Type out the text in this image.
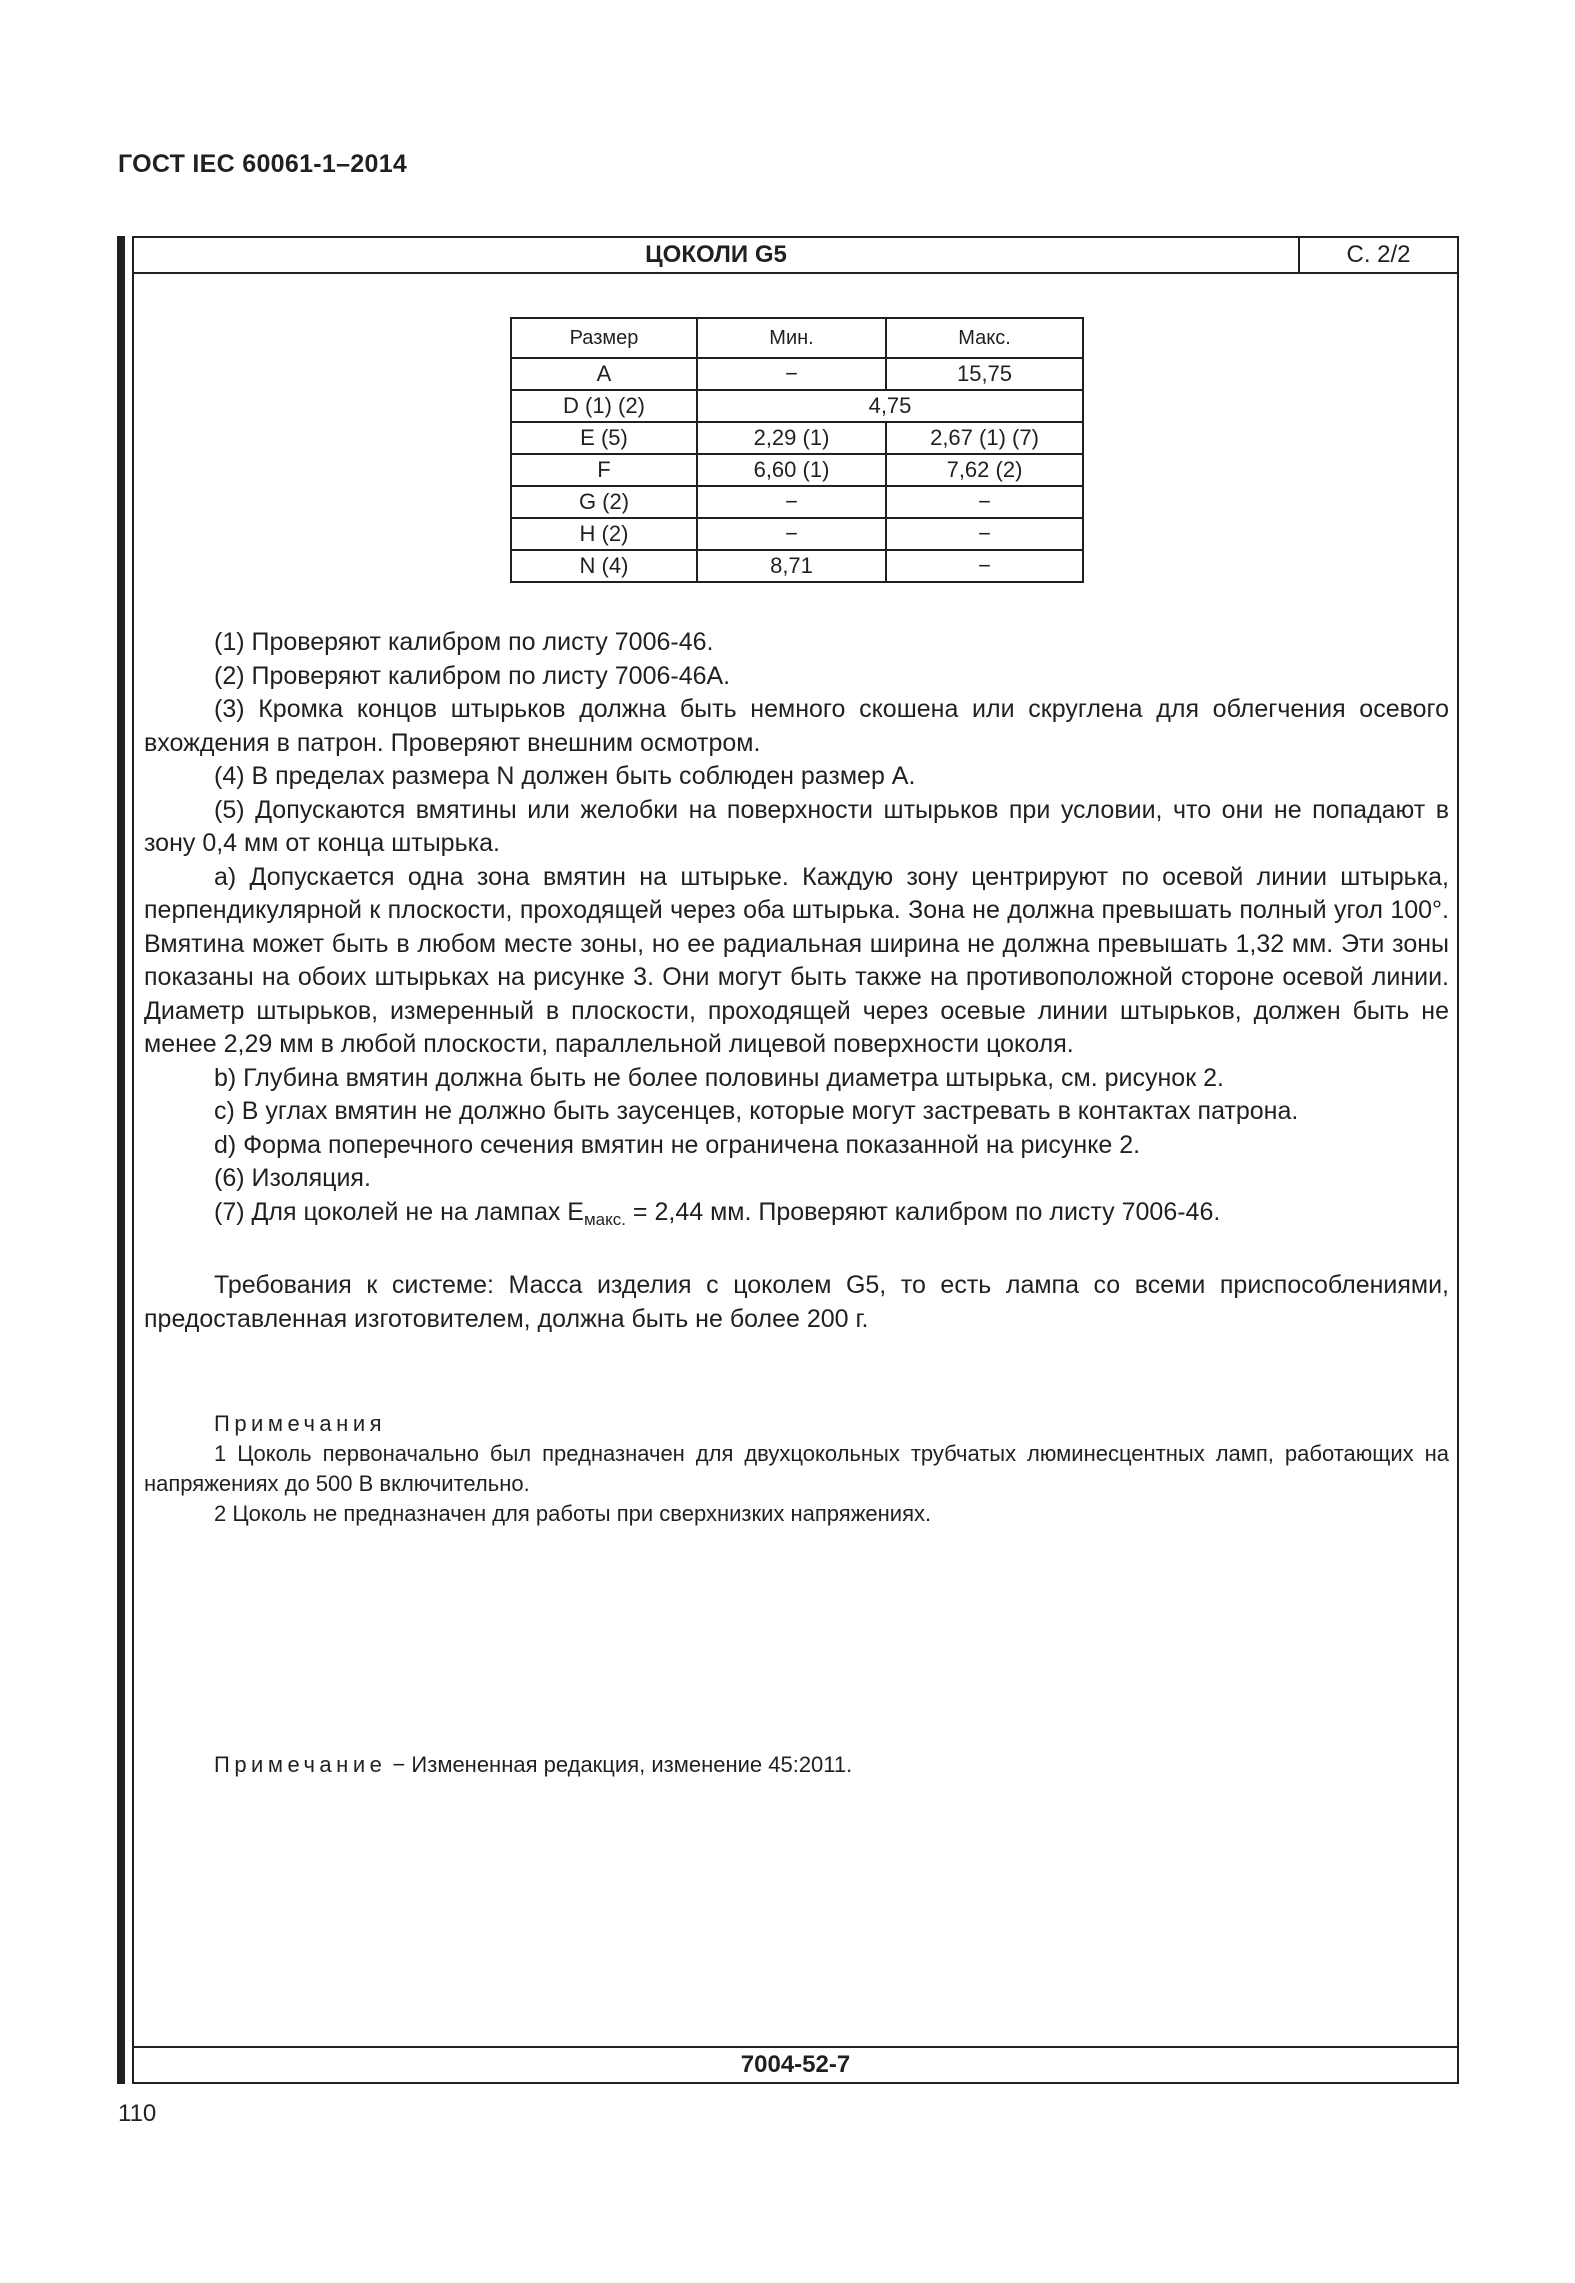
ГОСТ IEC 60061-1–2014
ЦОКОЛИ G5	С. 2/2
Размер	Мин.	Макс.
A	−	15,75
D (1) (2)	4,75	
E (5)	2,29 (1)	2,67 (1) (7)
F	6,60 (1)	7,62 (2)
G (2)	−	−
H (2)	−	−
N (4)	8,71	−

(1) Проверяют калибром по листу 7006-46.

(2) Проверяют калибром по листу 7006-46A.

(3) Кромка концов штырьков должна быть немного скошена или скруглена для облегчения осевого вхождения в патрон. Проверяют внешним осмотром.

(4) В пределах размера N должен быть соблюден размер A.

(5) Допускаются вмятины или желобки на поверхности штырьков при условии, что они не попадают в зону 0,4 мм от конца штырька.

a) Допускается одна зона вмятин на штырьке. Каждую зону центрируют по осевой линии штырька, перпендикулярной к плоскости, проходящей через оба штырька. Зона не должна превышать полный угол 100°. Вмятина может быть в любом месте зоны, но ее радиальная ширина не должна превышать 1,32 мм. Эти зоны показаны на обоих штырьках на рисунке 3. Они могут быть также на противоположной стороне осевой линии. Диаметр штырьков, измеренный в плоскости, проходящей через осевые линии штырьков, должен быть не менее 2,29 мм в любой плоскости, параллельной лицевой поверхности цоколя.

b) Глубина вмятин должна быть не более половины диаметра штырька, см. рисунок 2.

c) В углах вмятин не должно быть заусенцев, которые могут застревать в контактах патрона.

d) Форма поперечного сечения вмятин не ограничена показанной на рисунке 2.

(6) Изоляция.

(7) Для цоколей не на лампах $E_{макс.} = 2,44$ мм. Проверяют калибром по листу 7006-46.

Требования к системе: Масса изделия с цоколем G5, то есть лампа со всеми приспособлениями, предоставленная изготовителем, должна быть не более 200 г.

Примечания

1 Цоколь первоначально был предназначен для двухцокольных трубчатых люминесцентных ламп, работающих на напряжениях до 500 В включительно.

2 Цоколь не предназначен для работы при сверхнизких напряжениях.

Примечание − Измененная редакция, изменение 45:2011.
7004-52-7
110
